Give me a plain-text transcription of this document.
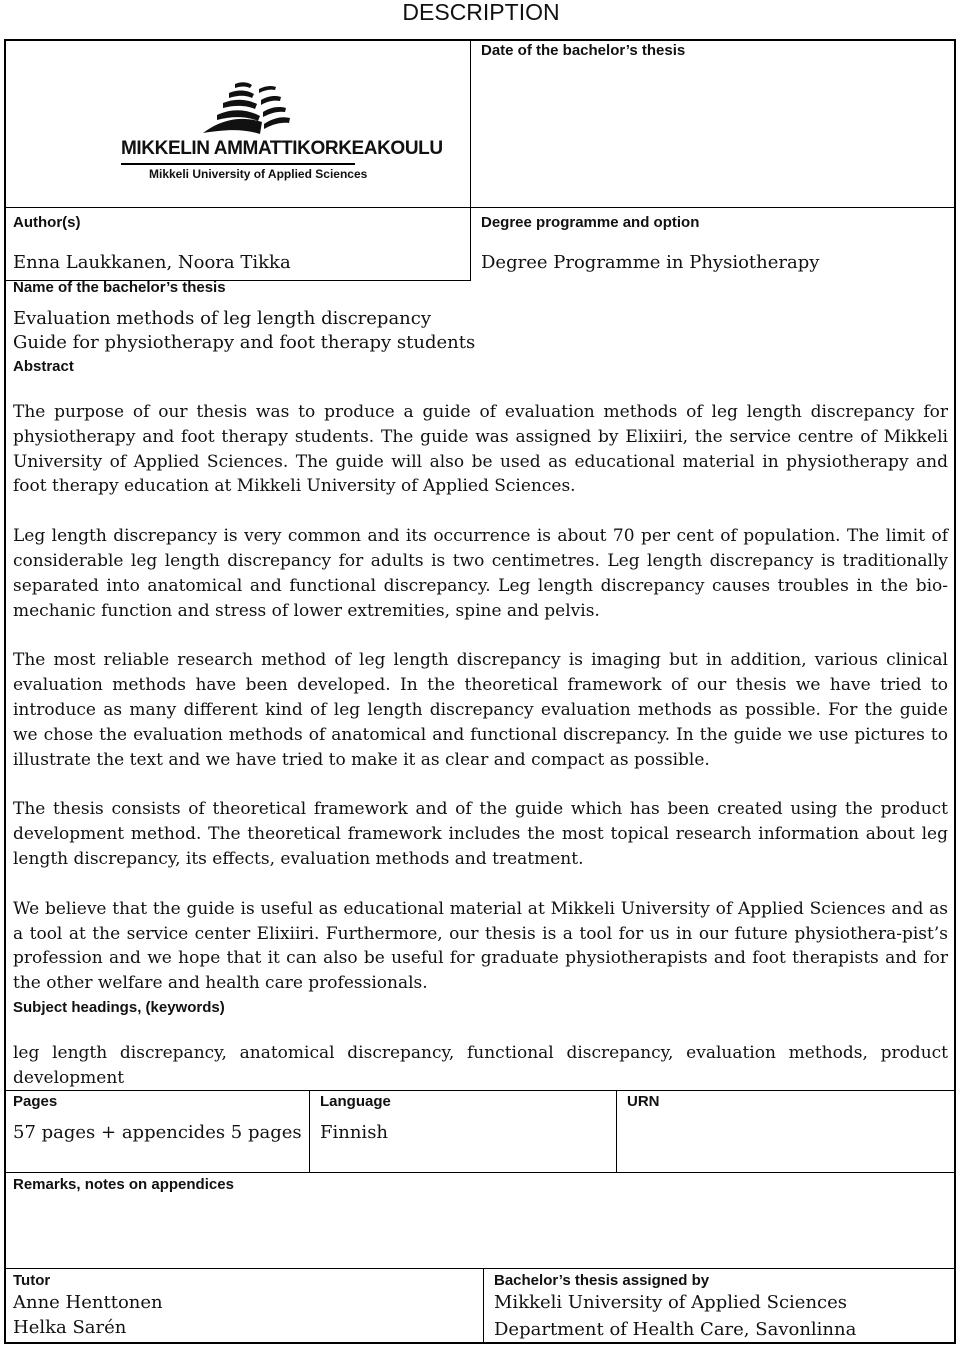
DESCRIPTION
Date of the bachelor’s thesis
MIKKELIN AMMATTIKORKEAKOULU
Mikkeli University of Applied Sciences
Author(s)
Enna Laukkanen, Noora Tikka
Degree programme and option
Degree Programme in Physiotherapy
Name of the bachelor’s thesis
Evaluation methods of leg length discrepancy
Guide for physiotherapy and foot therapy students
Abstract

The purpose of our thesis was to produce a guide of evaluation methods of leg length discrepancy for physiotherapy and foot therapy students. The guide was assigned by Elixiiri, the service centre of Mikkeli University of Applied Sciences. The guide will also be used as educational material in physiotherapy and foot therapy education at Mikkeli University of Applied Sciences.

Leg length discrepancy is very common and its occurrence is about 70 per cent of population. The limit of considerable leg length discrepancy for adults is two centimetres. Leg length discrepancy is traditionally separated into anatomical and functional discrepancy. Leg length discrepancy causes troubles in the bio-mechanic function and stress of lower extremities, spine and pelvis.

The most reliable research method of leg length discrepancy is imaging but in addition, various clinical evaluation methods have been developed. In the theoretical framework of our thesis we have tried to introduce as many different kind of leg length discrepancy evaluation methods as possible. For the guide we chose the evaluation methods of anatomical and functional discrepancy. In the guide we use pictures to illustrate the text and we have tried to make it as clear and compact as possible.

The thesis consists of theoretical framework and of the guide which has been created using the product development method. The theoretical framework includes the most topical research information about leg length discrepancy, its effects, evaluation methods and treatment.

We believe that the guide is useful as educational material at Mikkeli University of Applied Sciences and as a tool at the service center Elixiiri. Furthermore, our thesis is a tool for us in our future physiothera-pist’s profession and we hope that it can also be useful for graduate physiotherapists and foot therapists and for the other welfare and health care professionals.

Subject headings, (keywords)
leg length discrepancy, anatomical discrepancy, functional discrepancy, evaluation methods, product development
Pages
57 pages + appencides 5 pages
Language
Finnish
URN
Remarks, notes on appendices
Tutor
Anne Henttonen
Helka Sarén
Bachelor’s thesis assigned by
Mikkeli University of Applied Sciences
Department of Health Care, Savonlinna
